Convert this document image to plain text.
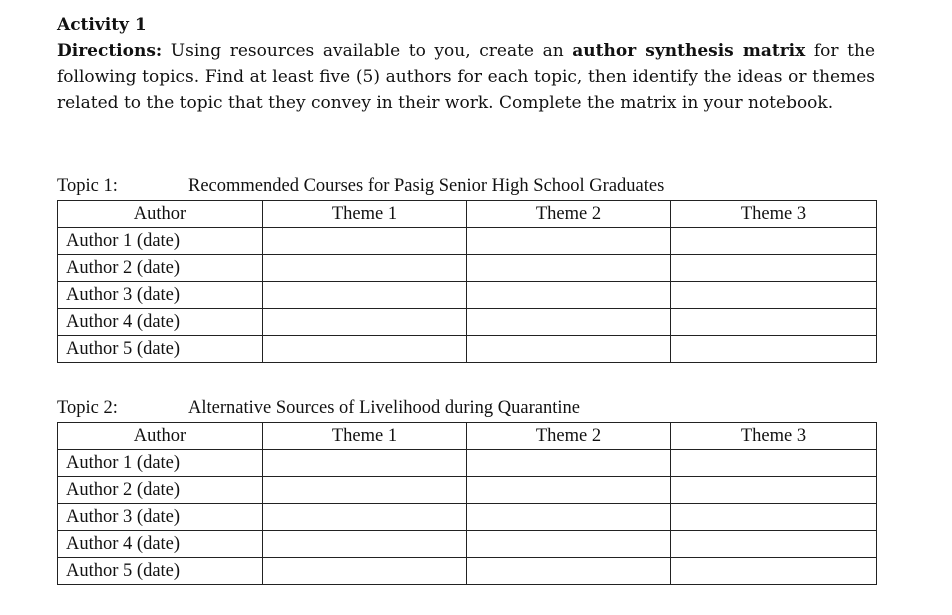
Activity 1

Directions: Using resources available to you, create an author synthesis matrix for the following topics. Find at least five (5) authors for each topic, then identify the ideas or themes related to the topic that they convey in their work. Complete the matrix in your notebook.

Topic 1:	Recommended Courses for Pasig Senior High School Graduates
Author	Theme 1	Theme 2	Theme 3
Author 1 (date)			
Author 2 (date)			
Author 3 (date)			
Author 4 (date)			
Author 5 (date)			
Topic 2:	Alternative Sources of Livelihood during Quarantine
Author	Theme 1	Theme 2	Theme 3
Author 1 (date)			
Author 2 (date)			
Author 3 (date)			
Author 4 (date)			
Author 5 (date)			
